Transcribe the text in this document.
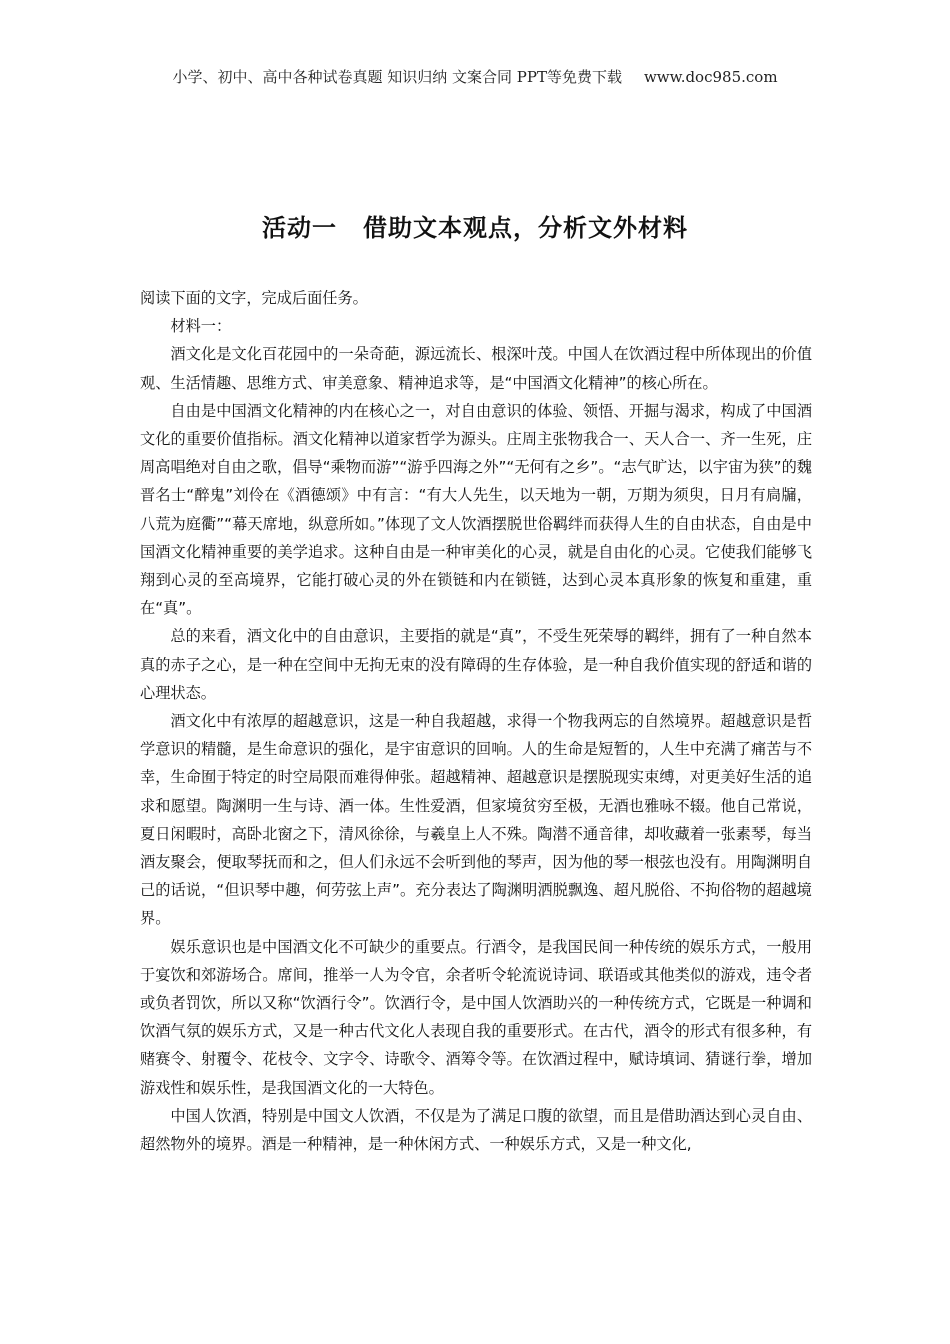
小学、初中、高中各种试卷真题 知识归纳 文案合同 PPT等免费下载 www.doc985.com
活动一 借助文本观点，分析文外材料

阅读下面的文字，完成后面任务。

材料一：

酒文化是文化百花园中的一朵奇葩，源远流长、根深叶茂。中国人在饮酒过程中所体现出的价值观、生活情趣、思维方式、审美意象、精神追求等，是“中国酒文化精神”的核心所在。

自由是中国酒文化精神的内在核心之一，对自由意识的体验、领悟、开掘与渴求，构成了中国酒文化的重要价值指标。酒文化精神以道家哲学为源头。庄周主张物我合一、天人合一、齐一生死，庄周高唱绝对自由之歌，倡导“乘物而游”“游乎四海之外”“无何有之乡”。“志气旷达，以宇宙为狭”的魏晋名士“醉鬼”刘伶在《酒德颂》中有言：“有大人先生，以天地为一朝，万期为须臾，日月有扃牖，八荒为庭衢”“幕天席地，纵意所如。”体现了文人饮酒摆脱世俗羁绊而获得人生的自由状态，自由是中国酒文化精神重要的美学追求。这种自由是一种审美化的心灵，就是自由化的心灵。它使我们能够飞翔到心灵的至高境界，它能打破心灵的外在锁链和内在锁链，达到心灵本真形象的恢复和重建，重在“真”。

总的来看，酒文化中的自由意识，主要指的就是“真”，不受生死荣辱的羁绊，拥有了一种自然本真的赤子之心，是一种在空间中无拘无束的没有障碍的生存体验，是一种自我价值实现的舒适和谐的心理状态。

酒文化中有浓厚的超越意识，这是一种自我超越，求得一个物我两忘的自然境界。超越意识是哲学意识的精髓，是生命意识的强化，是宇宙意识的回响。人的生命是短暂的，人生中充满了痛苦与不幸，生命囿于特定的时空局限而难得伸张。超越精神、超越意识是摆脱现实束缚，对更美好生活的追求和愿望。陶渊明一生与诗、酒一体。生性爱酒，但家境贫穷至极，无酒也雅咏不辍。他自己常说，夏日闲暇时，高卧北窗之下，清风徐徐，与羲皇上人不殊。陶潜不通音律，却收藏着一张素琴，每当酒友聚会，便取琴抚而和之，但人们永远不会听到他的琴声，因为他的琴一根弦也没有。用陶渊明自己的话说，“但识琴中趣，何劳弦上声”。充分表达了陶渊明洒脱飘逸、超凡脱俗、不拘俗物的超越境界。

娱乐意识也是中国酒文化不可缺少的重要点。行酒令，是我国民间一种传统的娱乐方式，一般用于宴饮和郊游场合。席间，推举一人为令官，余者听令轮流说诗词、联语或其他类似的游戏，违令者或负者罚饮，所以又称“饮酒行令”。饮酒行令，是中国人饮酒助兴的一种传统方式，它既是一种调和饮酒气氛的娱乐方式，又是一种古代文化人表现自我的重要形式。在古代，酒令的形式有很多种，有赌赛令、射覆令、花枝令、文字令、诗歌令、酒筹令等。在饮酒过程中，赋诗填词、猜谜行拳，增加游戏性和娱乐性，是我国酒文化的一大特色。

中国人饮酒，特别是中国文人饮酒，不仅是为了满足口腹的欲望，而且是借助酒达到心灵自由、超然物外的境界。酒是一种精神，是一种休闲方式、一种娱乐方式，又是一种文化,
